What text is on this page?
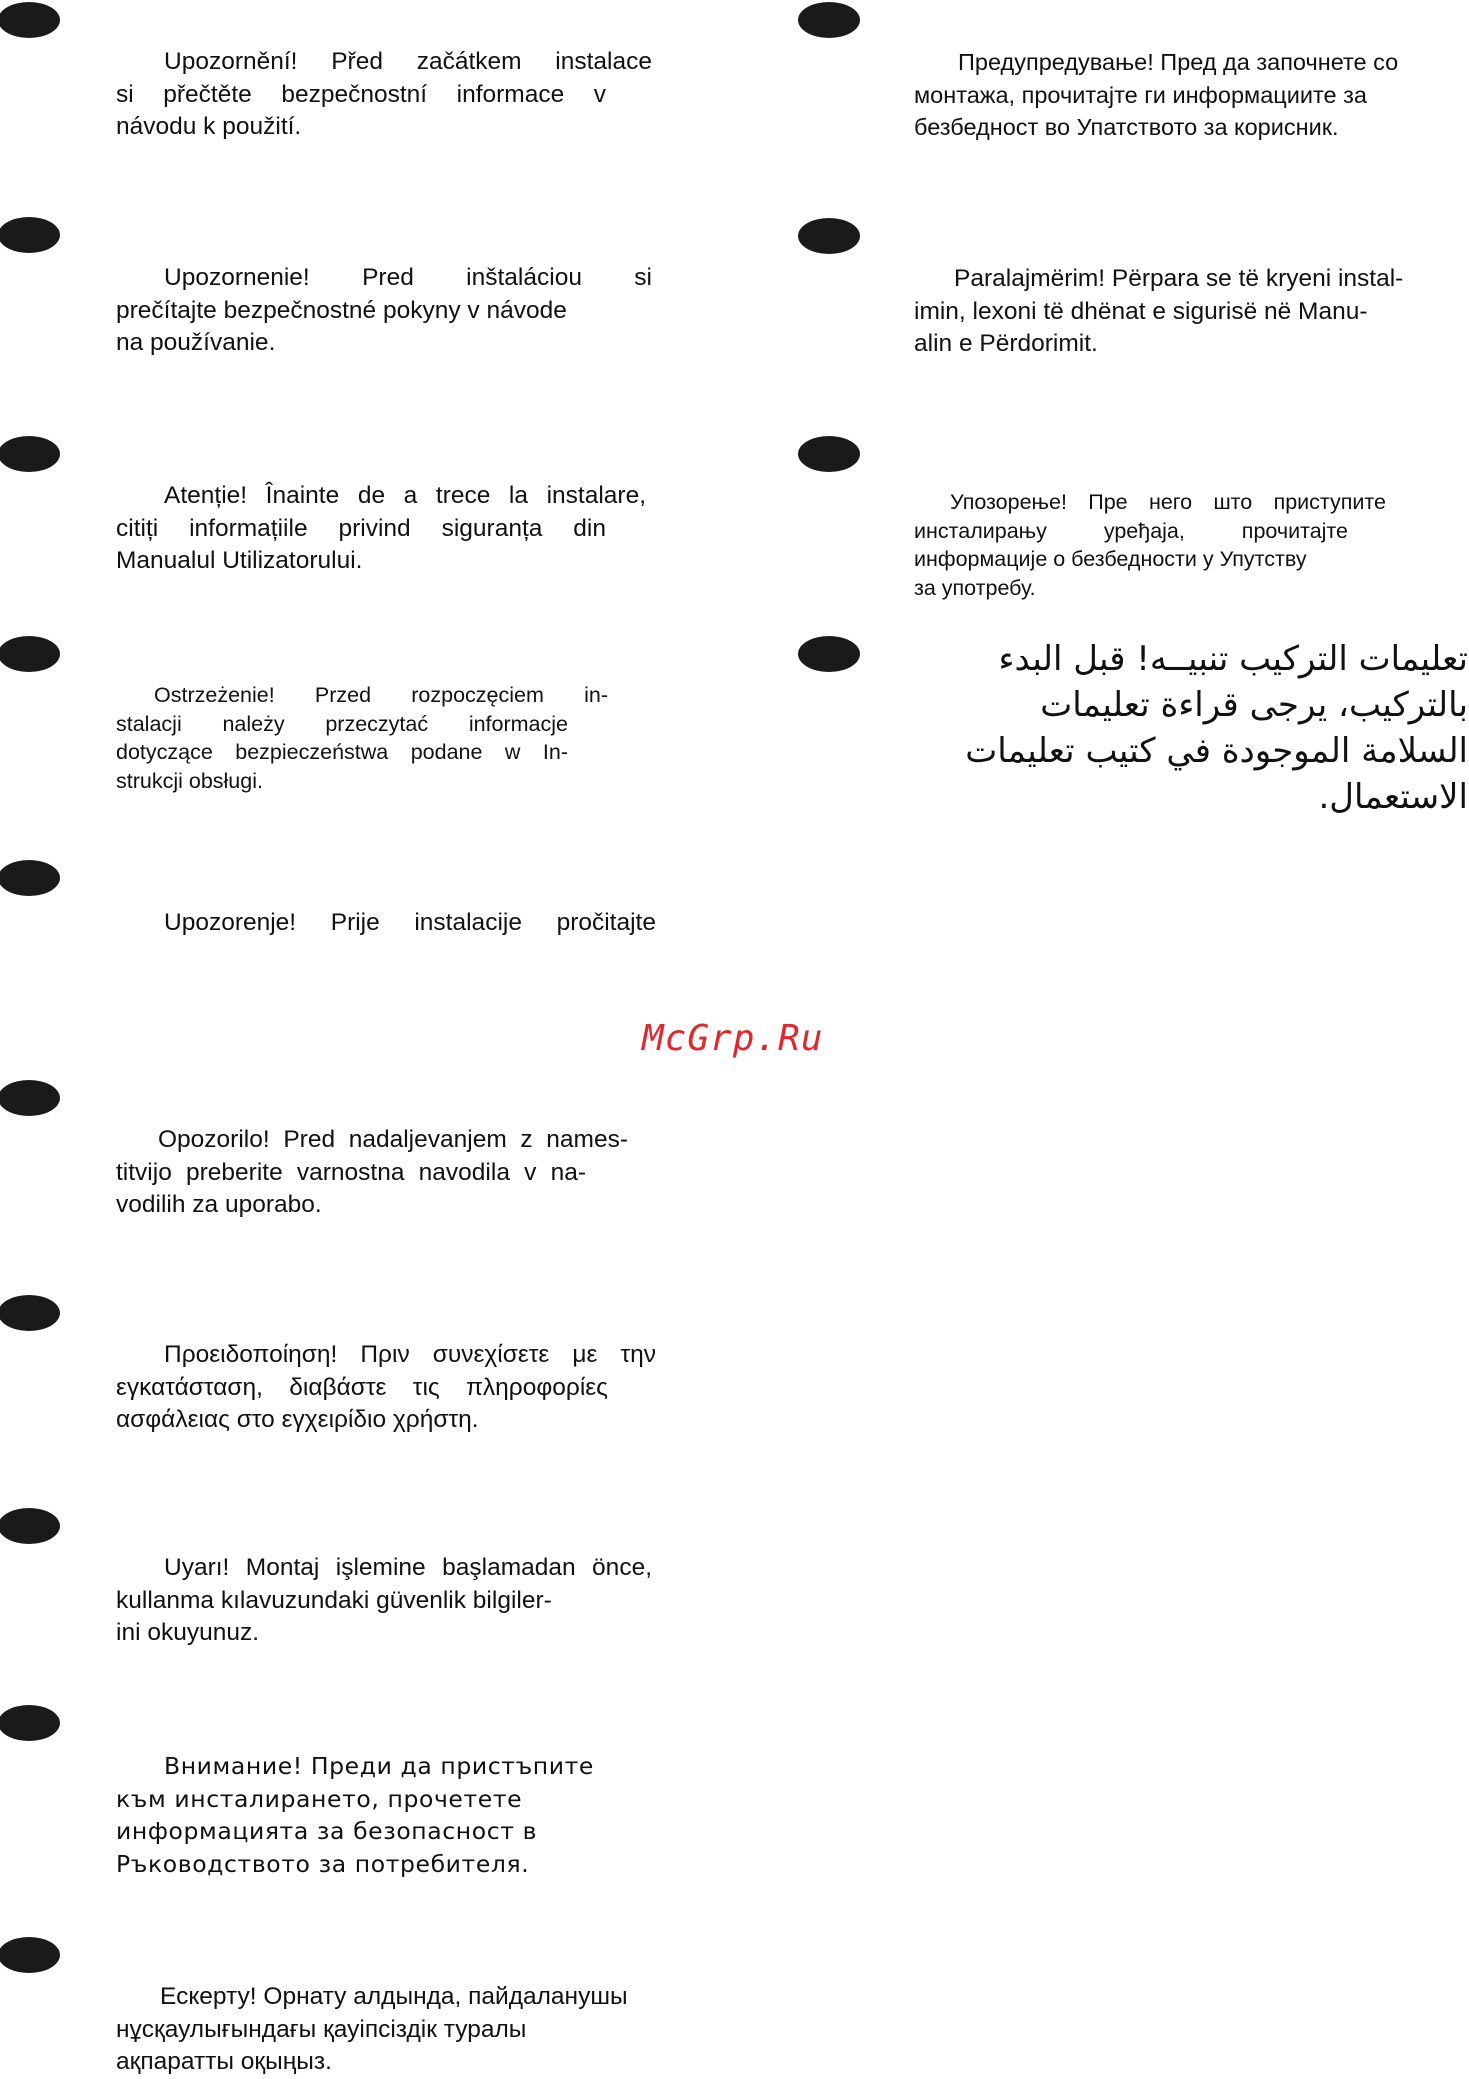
Upozornění! Před začátkem instalace
si přečtěte bezpečnostní informace v
návodu k použití.
Upozornenie! Pred inštaláciou si
prečítajte bezpečnostné pokyny v návode
na používanie.
Atenție! Înainte de a trece la instalare,
citiți informațiile privind siguranța din
Manualul Utilizatorului.
Ostrzeżenie! Przed rozpoczęciem in-
stalacji należy przeczytać informacje
dotyczące bezpieczeństwa podane w In-
strukcji obsługi.
Upozorenje! Prije instalacije pročitajte
McGrp.Ru
Opozorilo! Pred nadaljevanjem z names-
titvijo preberite varnostna navodila v na-
vodilih za uporabo.
Προειδοποίηση! Πριν συνεχίσετε με την
εγκατάσταση, διαβάστε τις πληροφορίες
ασφάλειας στο εγχειρίδιο χρήστη.
Uyarı! Montaj işlemine başlamadan önce,
kullanma kılavuzundaki güvenlik bilgiler-
ini okuyunuz.
Внимание! Преди да пристъпите
към инсталирането, прочетете
информацията за безопасност в
Ръководството за потребителя.
Ескерту! Орнату алдында, пайдаланушы
нұсқаулығындағы қауіпсіздік туралы
ақпаратты оқыңыз.
Предупредување! Пред да започнете со
монтажа, прочитајте ги информациите за
безбедност во Упатството за корисник.
Paralajmërim! Përpara se të kryeni instal-
imin, lexoni të dhënat e sigurisë në Manu-
alin e Përdorimit.
Упозорење! Пре него што приступите
инсталирању уређаја, прочитајте
информације о безбедности у Упутству
за употребу.
تعليمات التركيب تنبيــه! قبل البدء بالتركيب، يرجى قراءة تعليمات السلامة الموجودة في كتيب تعليمات الاستعمال.
